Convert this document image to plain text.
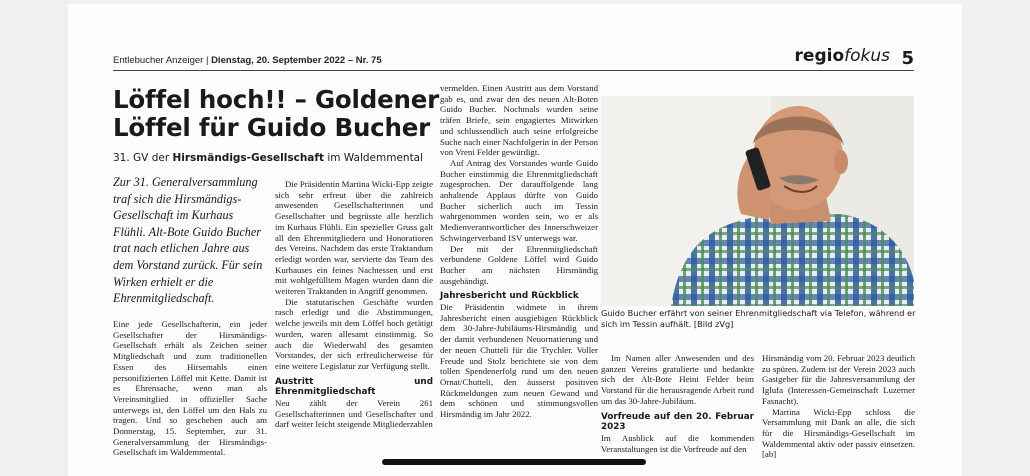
Entlebucher Anzeiger | Dienstag, 20. September 2022 – Nr. 75	regiofokus 5
Löffel hoch!! – Goldener Löffel für Guido Bucher
31. GV der Hirsmändigs-Gesellschaft im Waldemmental
Zur 31. Generalversammlung traf sich die Hirsmändigs-Gesellschaft im Kurhaus Flühli. Alt-Bote Guido Bucher trat nach etlichen Jahre aus dem Vorstand zurück. Für sein Wirken erhielt er die Ehrenmitgliedschaft.

Eine jede Gesellschafterin, ein jeder Gesellschafter der Hirsmändigs-Gesellschaft erhält als Zeichen seiner Mitgliedschaft und zum traditionellen Essen des Hirsemahls einen personifizierten Löffel mit Kette. Damit ist es Ehrensache, wenn man als Vereinsmitglied in offizieller Sache unterwegs ist, den Löffel um den Hals zu tragen. Und so geschehen auch am Donnerstag, 15. September, zur 31. Generalversammlung der Hirsmändigs-Gesellschaft im Waldemmental.

Die Präsidentin Martina Wicki-Epp zeigte sich sehr erfreut über die zahlreich anwesenden Gesellschafterinnen und Gesellschafter und begrüsste alle herzlich im Kurhaus Flühli. Ein spezieller Gruss galt all den Ehrenmitgliedern und Honoratioren des Vereins. Nachdem das erste Traktandum erledigt worden war, servierte das Team des Kurhauses ein feines Nachtessen und erst mit wohlgefülltem Magen wurden dann die weiteren Traktanden in Angriff genommen.

Die statutarischen Geschäfte wurden rasch erledigt und die Abstimmungen, welche jeweils mit dem Löffel hoch getätigt wurden, waren allesamt einstimmig. So auch die Wiederwahl des gesamten Vorstandes, der sich erfreulicherweise für eine weitere Legislatur zur Verfügung stellt.

Austritt und Ehrenmitgliedschaft

Neu zählt der Verein 261 Gesellschafterinnen und Gesellschafter und darf weiter leicht steigende Mitgliederzahlen

vermelden. Einen Austritt aus dem Vorstand gab es, und zwar den des neuen Alt-Boten Guido Bucher. Nochmals wurden seine träfen Briefe, sein engagiertes Mitwirken und schlussendlich auch seine erfolgreiche Suche nach einer Nachfolgerin in der Person von Vreni Felder gewürdigt.

Auf Antrag des Vorstandes wurde Guido Bucher einstimmig die Ehrenmitgliedschaft zugesprochen. Der darauffolgende lang anhaltende Applaus dürfte von Guido Bucher sicherlich auch im Tessin wahrgenommen worden sein, wo er als Medienverantwortlicher des Innerschweizer Schwingerverband ISV unterwegs war.

Der mit der Ehrenmitgliedschaft verbundene Goldene Löffel wird Guido Bucher am nächsten Hirsmändig ausgehändigt.

Jahresbericht und Rückblick

Die Präsidentin widmete in ihrem Jahresbericht einen ausgiebigen Rückblick dem 30-Jahre-Jubiläums-Hirsmändig und der damit verbundenen Neuornatierung und der neuen Chuttelì für die Trychler. Voller Freude und Stolz berichtete sie von dem tollen Spendenerfolg rund um den neuen Ornat/Chutteli, den äusserst positiven Rückmeldungen zum neuen Gewand und dem schönen und stimmungsvollen Hirsmändig im Jahr 2022.

Guido Bucher erfährt von seiner Ehrenmitgliedschaft via Telefon, während er sich im Tessin aufhält. [Bild zVg]

Im Namen aller Anwesenden und des ganzen Vereins gratulierte und bedankte sich der Alt-Bote Heini Felder beim Vorstand für die herausragende Arbeit rund um das 30-Jahre-Jubiläum.

Vorfreude auf den 20. Februar 2023

Im Ausblick auf die kommenden Veranstaltungen ist die Vorfreude auf den

Hirsmändig vom 20. Februar 2023 deutlich zu spüren. Zudem ist der Verein 2023 auch Gastgeber für die Jahresversammlung der Iglufa (Interessen-Gemeinschaft Luzerner Fasnacht).

Martina Wicki-Epp schloss die Versammlung mit Dank an alle, die sich für die Hirsmändigs-Gesellschaft im Waldemmental aktiv oder passiv einsetzen. [ab]
